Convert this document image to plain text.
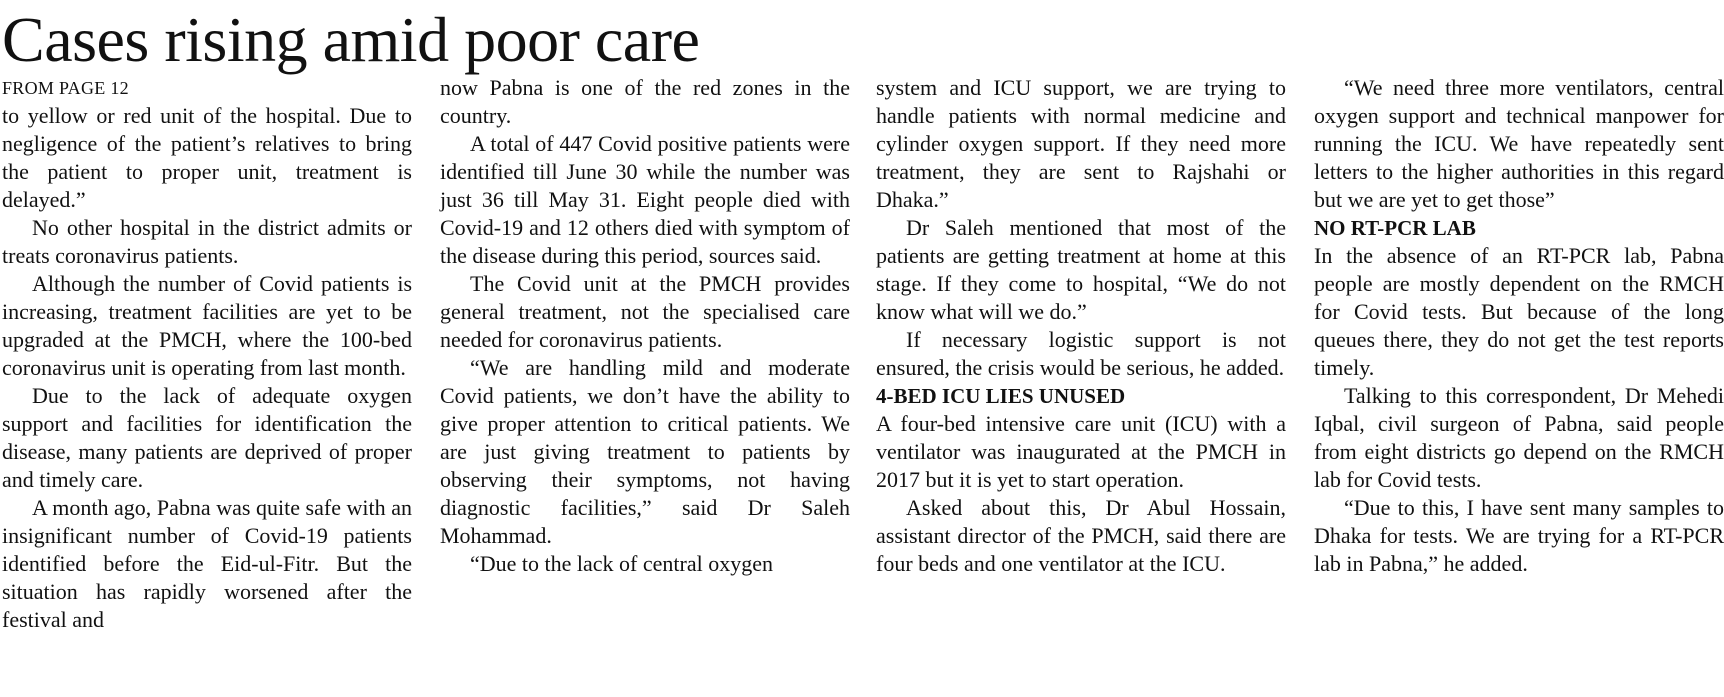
Cases rising amid poor care

FROM PAGE 12

to yellow or red unit of the hospital. Due to negligence of the patient’s relatives to bring the patient to proper unit, treatment is delayed.”

No other hospital in the district admits or treats coronavirus patients.

Although the number of Covid patients is increasing, treatment facilities are yet to be upgraded at the PMCH, where the 100-bed coronavirus unit is operating from last month.

Due to the lack of adequate oxygen support and facilities for identification the disease, many patients are deprived of proper and timely care.

A month ago, Pabna was quite safe with an insignificant number of Covid-19 patients identified before the Eid-ul-Fitr. But the situation has rapidly worsened after the festival and

now Pabna is one of the red zones in the country.

A total of 447 Covid positive patients were identified till June 30 while the number was just 36 till May 31. Eight people died with Covid-19 and 12 others died with symptom of the disease during this period, sources said.

The Covid unit at the PMCH provides general treatment, not the specialised care needed for coronavirus patients.

“We are handling mild and moderate Covid patients, we don’t have the ability to give proper attention to critical patients. We are just giving treatment to patients by observing their symptoms, not having diagnostic facilities,” said Dr Saleh Mohammad.

“Due to the lack of central oxygen

system and ICU support, we are trying to handle patients with normal medicine and cylinder oxygen support. If they need more treatment, they are sent to Rajshahi or Dhaka.”

Dr Saleh mentioned that most of the patients are getting treatment at home at this stage. If they come to hospital, “We do not know what will we do.”

If necessary logistic support is not ensured, the crisis would be serious, he added.

4-BED ICU LIES UNUSED

A four-bed intensive care unit (ICU) with a ventilator was inaugurated at the PMCH in 2017 but it is yet to start operation.

Asked about this, Dr Abul Hossain, assistant director of the PMCH, said there are four beds and one ventilator at the ICU.

“We need three more ventilators, central oxygen support and technical manpower for running the ICU. We have repeatedly sent letters to the higher authorities in this regard but we are yet to get those”

NO RT-PCR LAB

In the absence of an RT-PCR lab, Pabna people are mostly dependent on the RMCH for Covid tests. But because of the long queues there, they do not get the test reports timely.

Talking to this correspondent, Dr Mehedi Iqbal, civil surgeon of Pabna, said people from eight districts go depend on the RMCH lab for Covid tests.

“Due to this, I have sent many samples to Dhaka for tests. We are trying for a RT-PCR lab in Pabna,” he added.
